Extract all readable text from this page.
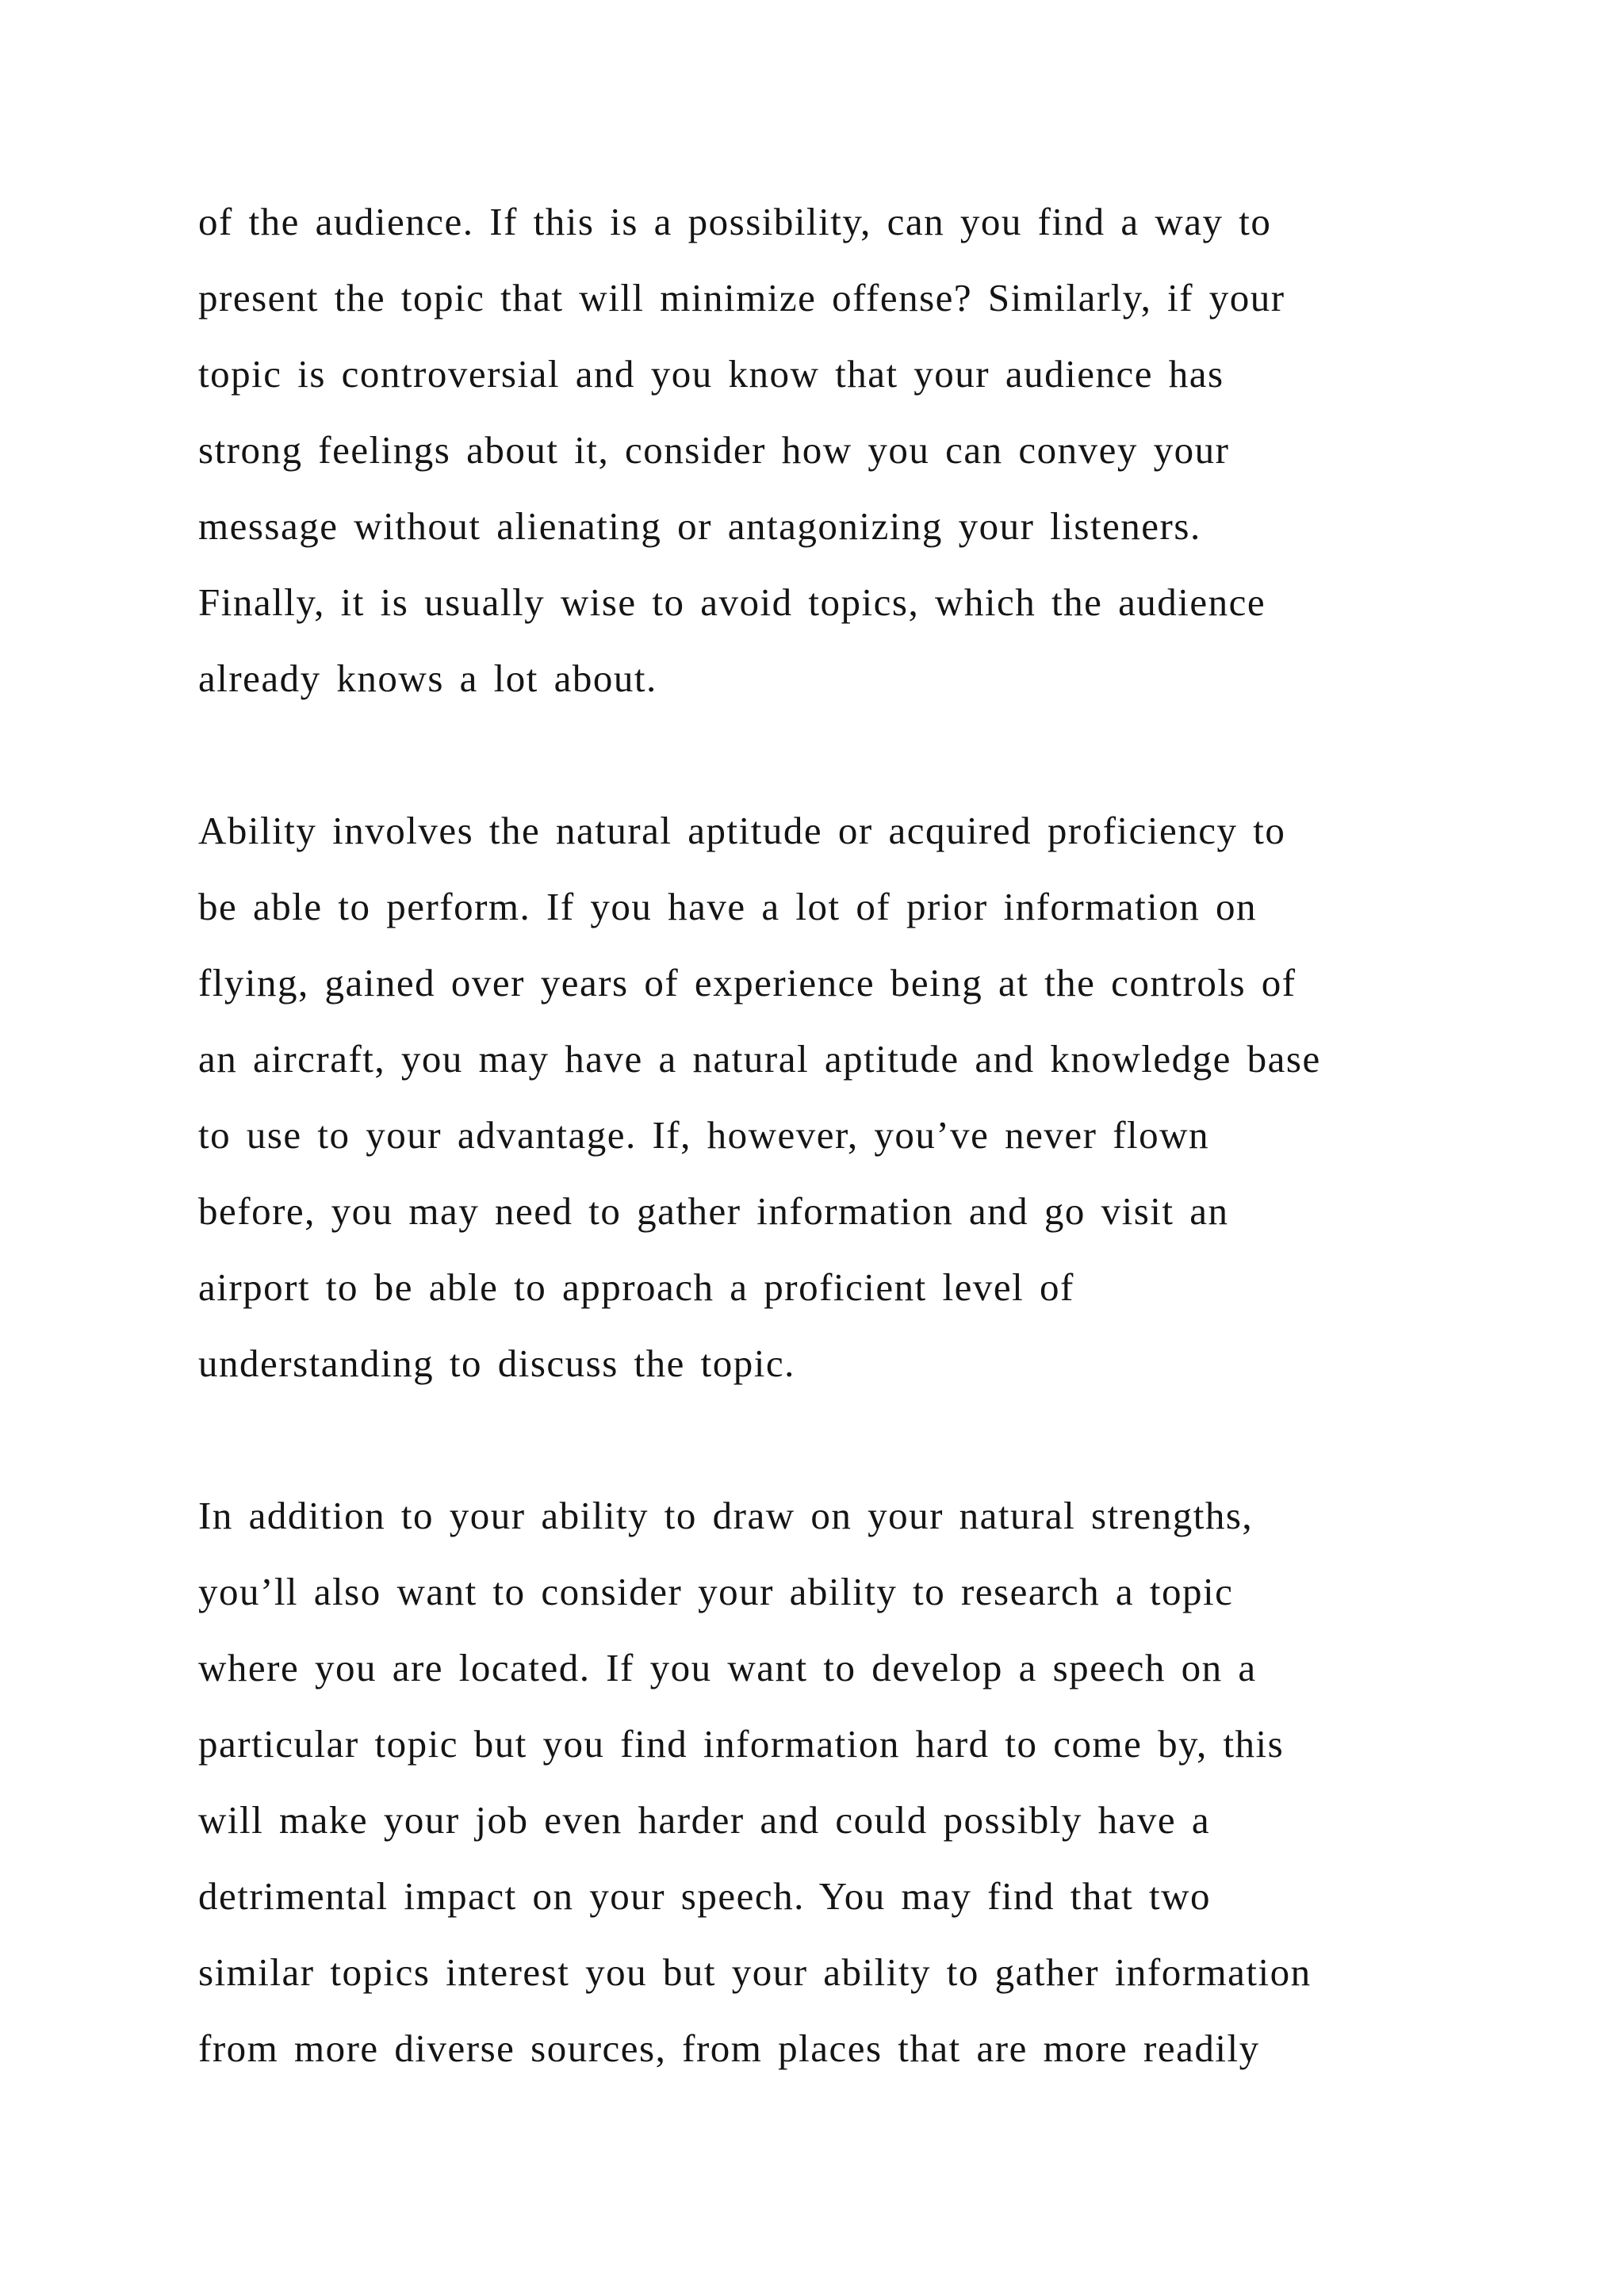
of the audience. If this is a possibility, can you find a way to
present the topic that will minimize offense? Similarly, if your
topic is controversial and you know that your audience has
strong feelings about it, consider how you can convey your
message without alienating or antagonizing your listeners.
Finally, it is usually wise to avoid topics, which the audience
already knows a lot about.
Ability involves the natural aptitude or acquired proficiency to
be able to perform. If you have a lot of prior information on
flying, gained over years of experience being at the controls of
an aircraft, you may have a natural aptitude and knowledge base
to use to your advantage. If, however, you’ve never flown
before, you may need to gather information and go visit an
airport to be able to approach a proficient level of
understanding to discuss the topic.
In addition to your ability to draw on your natural strengths,
you’ll also want to consider your ability to research a topic
where you are located. If you want to develop a speech on a
particular topic but you find information hard to come by, this
will make your job even harder and could possibly have a
detrimental impact on your speech. You may find that two
similar topics interest you but your ability to gather information
from more diverse sources, from places that are more readily
